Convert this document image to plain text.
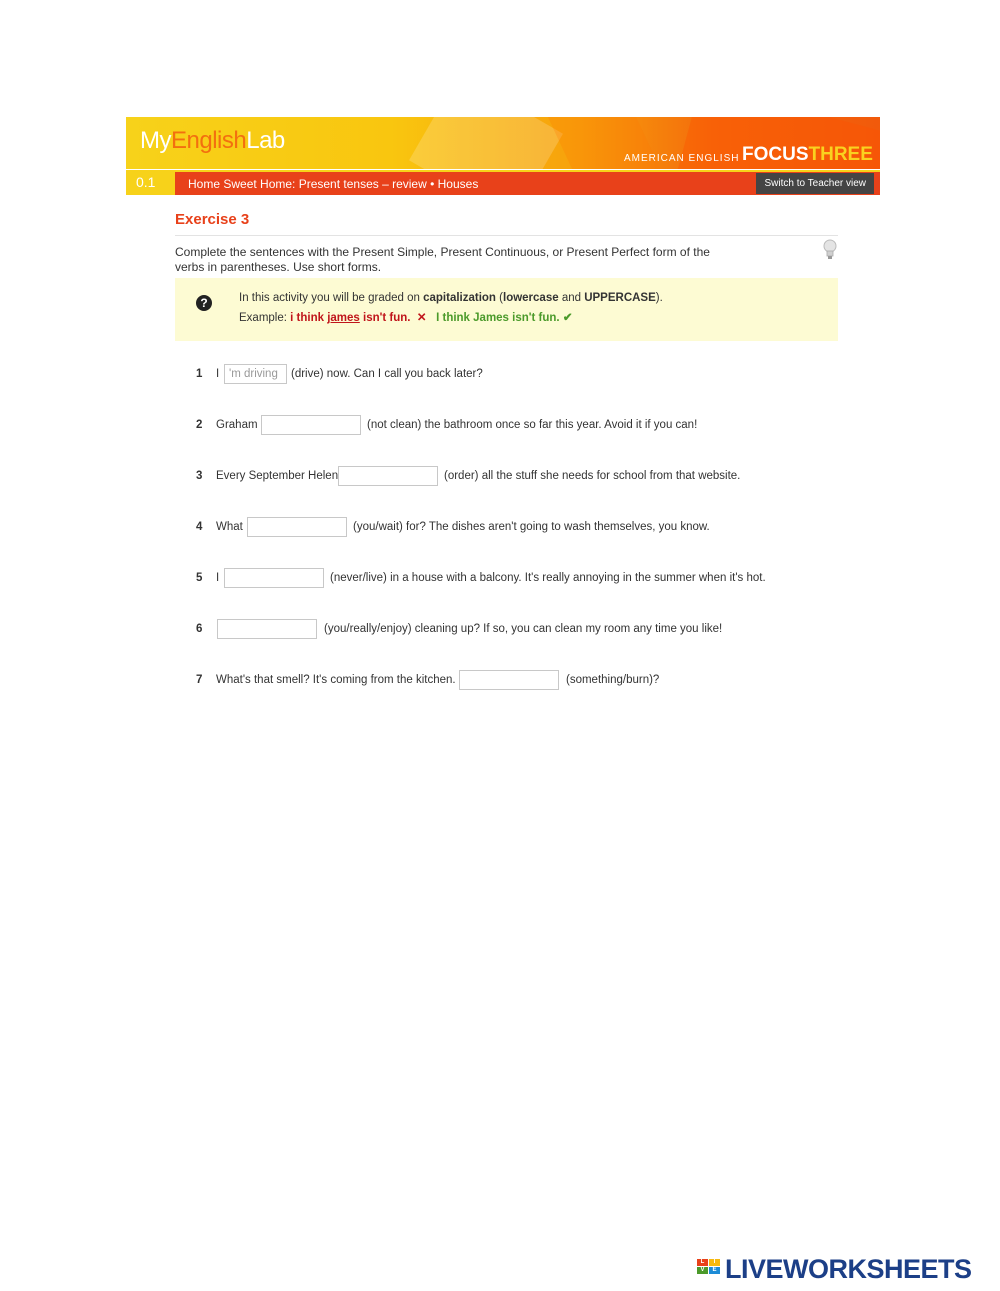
MyEnglishLab
AMERICAN ENGLISH FOCUSTHREE
0.1	Home Sweet Home: Present tenses – review • Houses	Switch to Teacher view
Exercise 3
Complete the sentences with the Present Simple, Present Continuous, or Present Perfect form of the verbs in parentheses. Use short forms.
?	In this activity you will be graded on capitalization (lowercase and UPPERCASE).
Example: i think james isn't fun. ✕ I think James isn't fun. ✔
1 I
'm driving	(drive) now. Can I call you back later?
2 Graham	(not clean) the bathroom once so far this year. Avoid it if you can!
3 Every September Helen	(order) all the stuff she needs for school from that website.
4 What	(you/wait) for? The dishes aren't going to wash themselves, you know.
5 I	(never/live) in a house with a balcony. It's really annoying in the summer when it's hot.
6	(you/really/enjoy) cleaning up? If so, you can clean my room any time you like!
7 What's that smell? It's coming from the kitchen.	(something/burn)?
L	I
V	E LIVEWORKSHEETS
